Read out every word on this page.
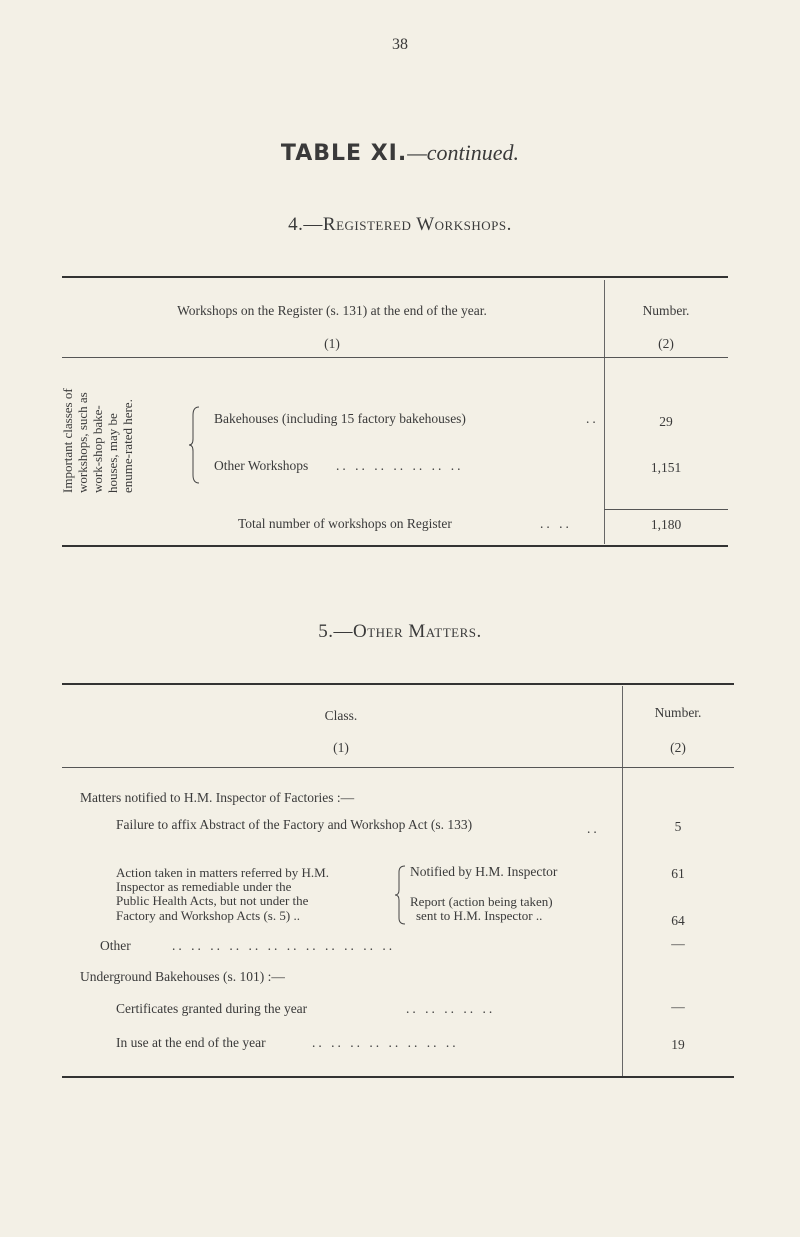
38
TABLE XI.—continued.
4.—Registered Workshops.
Workshops on the Register (s. 131) at the end of the year.	Number.
(1)	(2)
Important classes of workshops, such as work-shop bake-houses, may be enume-rated here.	Bakehouses (including 15 factory bakehouses)	..	29
Other Workshops .. .. .. .. .. .. ..	1,151
Total number of workshops on Register	.. ..	1,180
5.—Other Matters.
Class.	Number.
(1)	(2)
Matters notified to H.M. Inspector of Factories :—
Failure to affix Abstract of the Factory and Workshop Act (s. 133)	..	5
Action taken in matters referred by H.M.
Inspector as remediable under the
Public Health Acts, but not under the
Factory and Workshop Acts (s. 5) ..
Notified by H.M. Inspector	61
Report (action being taken)
sent to H.M. Inspector ..	64
Other	.. .. .. .. .. .. .. .. .. .. .. ..	—
Underground Bakehouses (s. 101) :—
Certificates granted during the year	.. .. .. .. ..	—
In use at the end of the year	.. .. .. .. .. .. .. ..	19
